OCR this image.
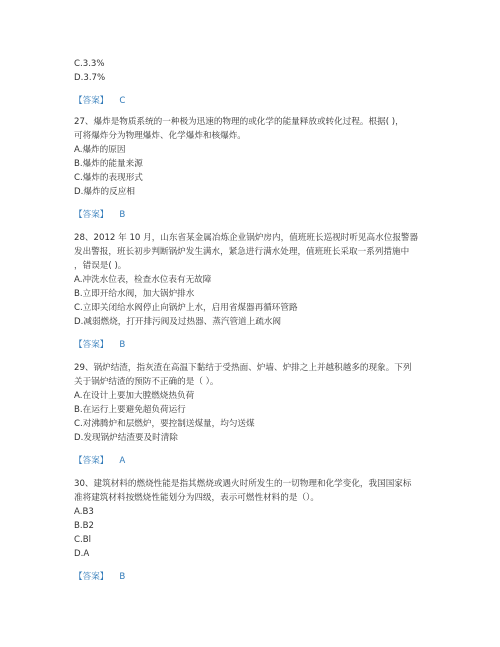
C.3.3%
D.3.7%
【答案】 C
27、爆炸是物质系统的一种极为迅速的物理的或化学的能量释放或转化过程。根据( )，
可将爆炸分为物理爆炸、化学爆炸和核爆炸。
A.爆炸的原因
B.爆炸的能量来源
C.爆炸的表现形式
D.爆炸的反应相
【答案】 B
28、2012 年 10 月，山东省某金属冶炼企业锅炉房内，值班班长巡视时听见高水位报警器
发出警报，班长初步判断锅炉发生满水，紧急进行满水处理，值班班长采取一系列措施中
，错误是( )。
A.冲洗水位表，检查水位表有无故障
B.立即开给水阀，加大锅炉排水
C.立即关闭给水阀停止向锅炉上水，启用省煤器再循环管路
D.减弱燃烧，打开排污阀及过热器、蒸汽管道上疏水阀
【答案】 B
29、锅炉结渣，指灰渣在高温下黏结于受热面、炉墙、炉排之上并越积越多的现象。下列
关于锅炉结渣的预防不正确的是（ ）。
A.在设计上要加大膛燃烧热负荷
B.在运行上要避免超负荷运行
C.对沸腾炉和层燃炉，要控制送煤量，均匀送煤
D.发现锅炉结渣要及时清除
【答案】 A
30、建筑材料的燃烧性能是指其燃烧或遇火时所发生的一切物理和化学变化，我国国家标
准将建筑材料按燃烧性能划分为四级，表示可燃性材料的是（）。
A.B3
B.B2
C.Bl
D.A
【答案】 B
